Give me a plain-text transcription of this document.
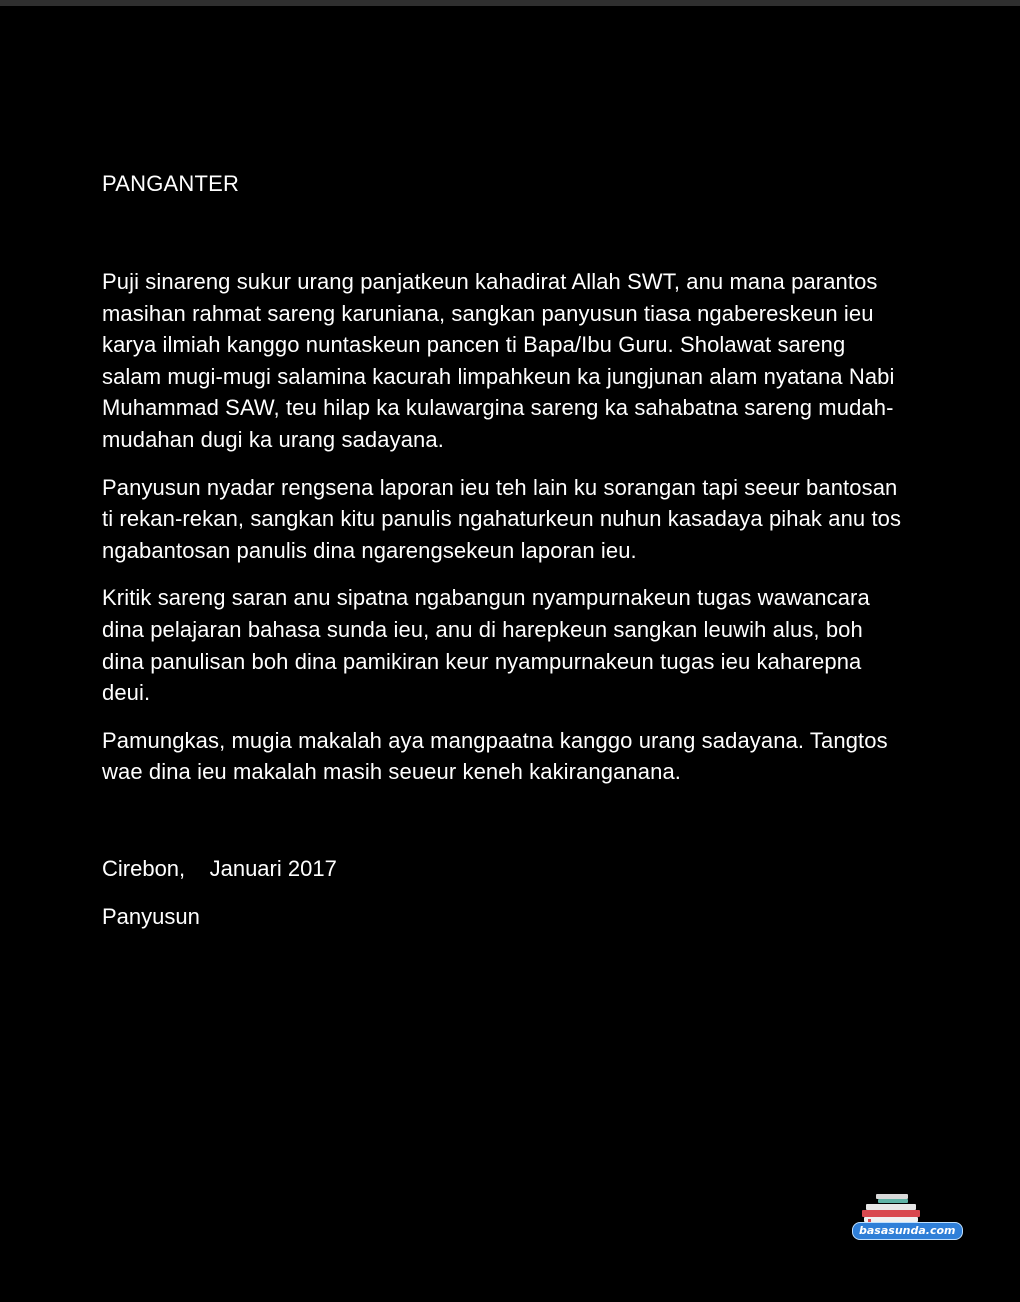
PANGANTER

Puji sinareng sukur urang panjatkeun kahadirat Allah SWT, anu mana parantos masihan rahmat sareng karuniana, sangkan panyusun tiasa ngabereskeun ieu karya ilmiah kanggo nuntaskeun pancen ti Bapa/Ibu Guru. Sholawat sareng salam mugi-mugi salamina kacurah limpahkeun ka jungjunan alam nyatana Nabi Muhammad SAW, teu hilap ka kulawargina sareng ka sahabatna sareng mudah-mudahan dugi ka urang sadayana.

Panyusun nyadar rengsena laporan ieu teh lain ku sorangan tapi seeur bantosan ti rekan-rekan, sangkan kitu panulis ngahaturkeun nuhun kasadaya pihak anu tos ngabantosan panulis dina ngarengsekeun laporan ieu.

Kritik sareng saran anu sipatna ngabangun nyampurnakeun tugas wawancara dina pelajaran bahasa sunda ieu, anu di harepkeun sangkan leuwih alus, boh dina panulisan boh dina pamikiran keur nyampurnakeun tugas ieu kaharepna deui.

Pamungkas, mugia makalah aya mangpaatna kanggo urang sadayana. Tangtos wae dina ieu makalah masih seueur keneh kakiranganana.

Cirebon,    Januari 2017
Panyusun
basasunda.com
